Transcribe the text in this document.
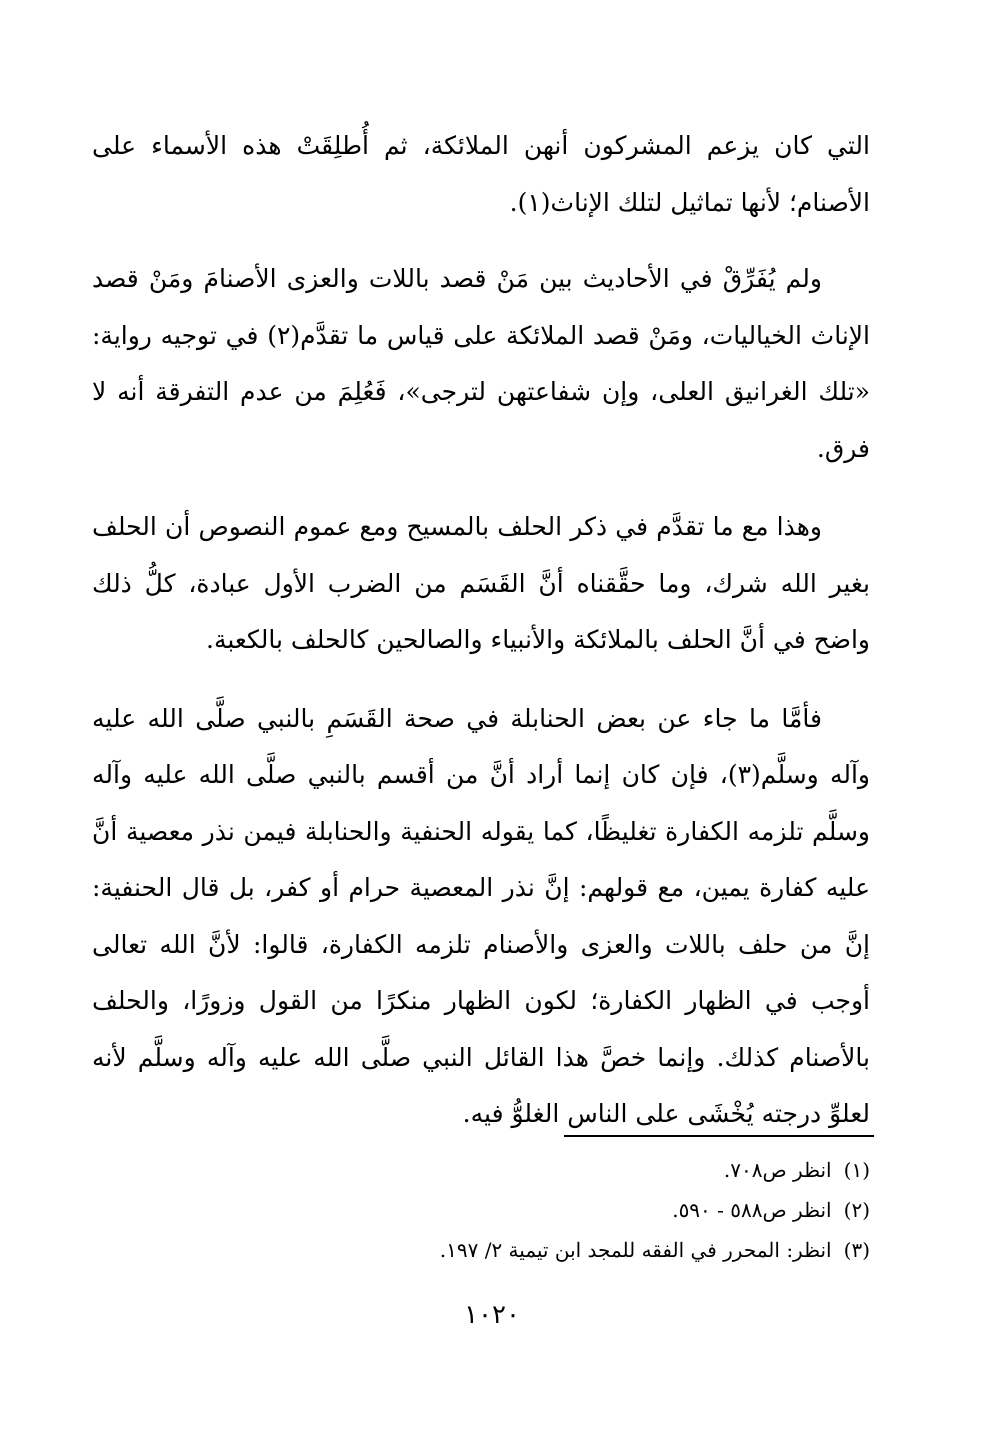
التي كان يزعم المشركون أنهن الملائكة، ثم أُطلِقَتْ هذه الأسماء على الأصنام؛ لأنها تماثيل لتلك الإناث(١).

ولم يُفَرِّقْ في الأحاديث بين مَنْ قصد باللات والعزى الأصنامَ ومَنْ قصد الإناث الخياليات، ومَنْ قصد الملائكة على قياس ما تقدَّم(٢) في توجيه رواية: «تلك الغرانيق العلى، وإن شفاعتهن لترجى»، فَعُلِمَ من عدم التفرقة أنه لا فرق.

وهذا مع ما تقدَّم في ذكر الحلف بالمسيح ومع عموم النصوص أن الحلف بغير الله شرك، وما حقَّقناه أنَّ القَسَم من الضرب الأول عبادة، كلُّ ذلك واضح في أنَّ الحلف بالملائكة والأنبياء والصالحين كالحلف بالكعبة.

فأمَّا ما جاء عن بعض الحنابلة في صحة القَسَمِ بالنبي صلَّى الله عليه وآله وسلَّم(٣)، فإن كان إنما أراد أنَّ من أقسم بالنبي صلَّى الله عليه وآله وسلَّم تلزمه الكفارة تغليظًا، كما يقوله الحنفية والحنابلة فيمن نذر معصية أنَّ عليه كفارة يمين، مع قولهم: إنَّ نذر المعصية حرام أو كفر، بل قال الحنفية: إنَّ من حلف باللات والعزى والأصنام تلزمه الكفارة، قالوا: لأنَّ الله تعالى أوجب في الظهار الكفارة؛ لكون الظهار منكرًا من القول وزورًا، والحلف بالأصنام كذلك. وإنما خصَّ هذا القائل النبي صلَّى الله عليه وآله وسلَّم لأنه لعلوِّ درجته يُخْشَى على الناس الغلوُّ فيه.

(١)انظر ص٧٠٨.
(٢)انظر ص٥٨٨ - ٥٩٠.
(٣)انظر: المحرر في الفقه للمجد ابن تيمية ٢/ ١٩٧.
١٠٢٠
